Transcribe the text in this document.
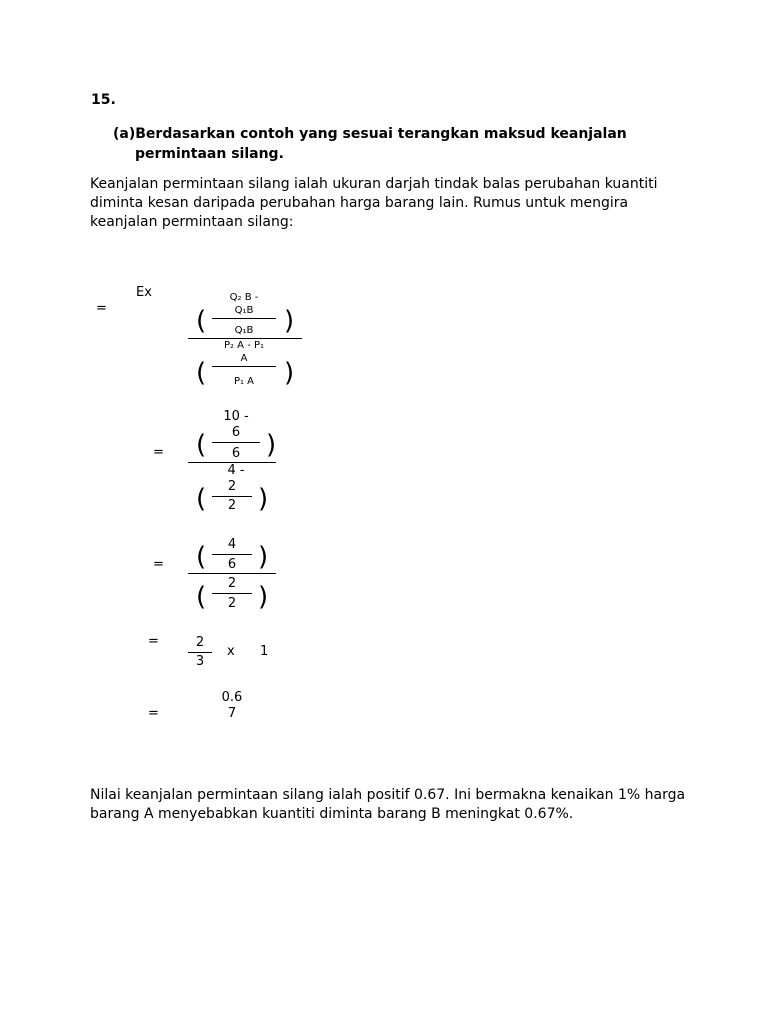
15.
(a)Berdasarkan contoh yang sesuai terangkan maksud keanjalan
permintaan silang.
Keanjalan permintaan silang ialah ukuran darjah tindak balas perubahan kuantiti diminta kesan daripada perubahan harga barang lain. Rumus untuk mengira keanjalan permintaan silang:
Ex
=	(
Q₂ B -
Q₁B
Q₁B	)
P₂ A - P₁
(	A
P₁ A	)
=
10 -
(	6
6 )
4 -
(	2
2 )
= (	4
6 )
(	2
2 )
=	2
3
x 1
=
0.6
7
Nilai keanjalan permintaan silang ialah positif 0.67. Ini bermakna kenaikan 1% harga barang A menyebabkan kuantiti diminta barang B meningkat 0.67%.
